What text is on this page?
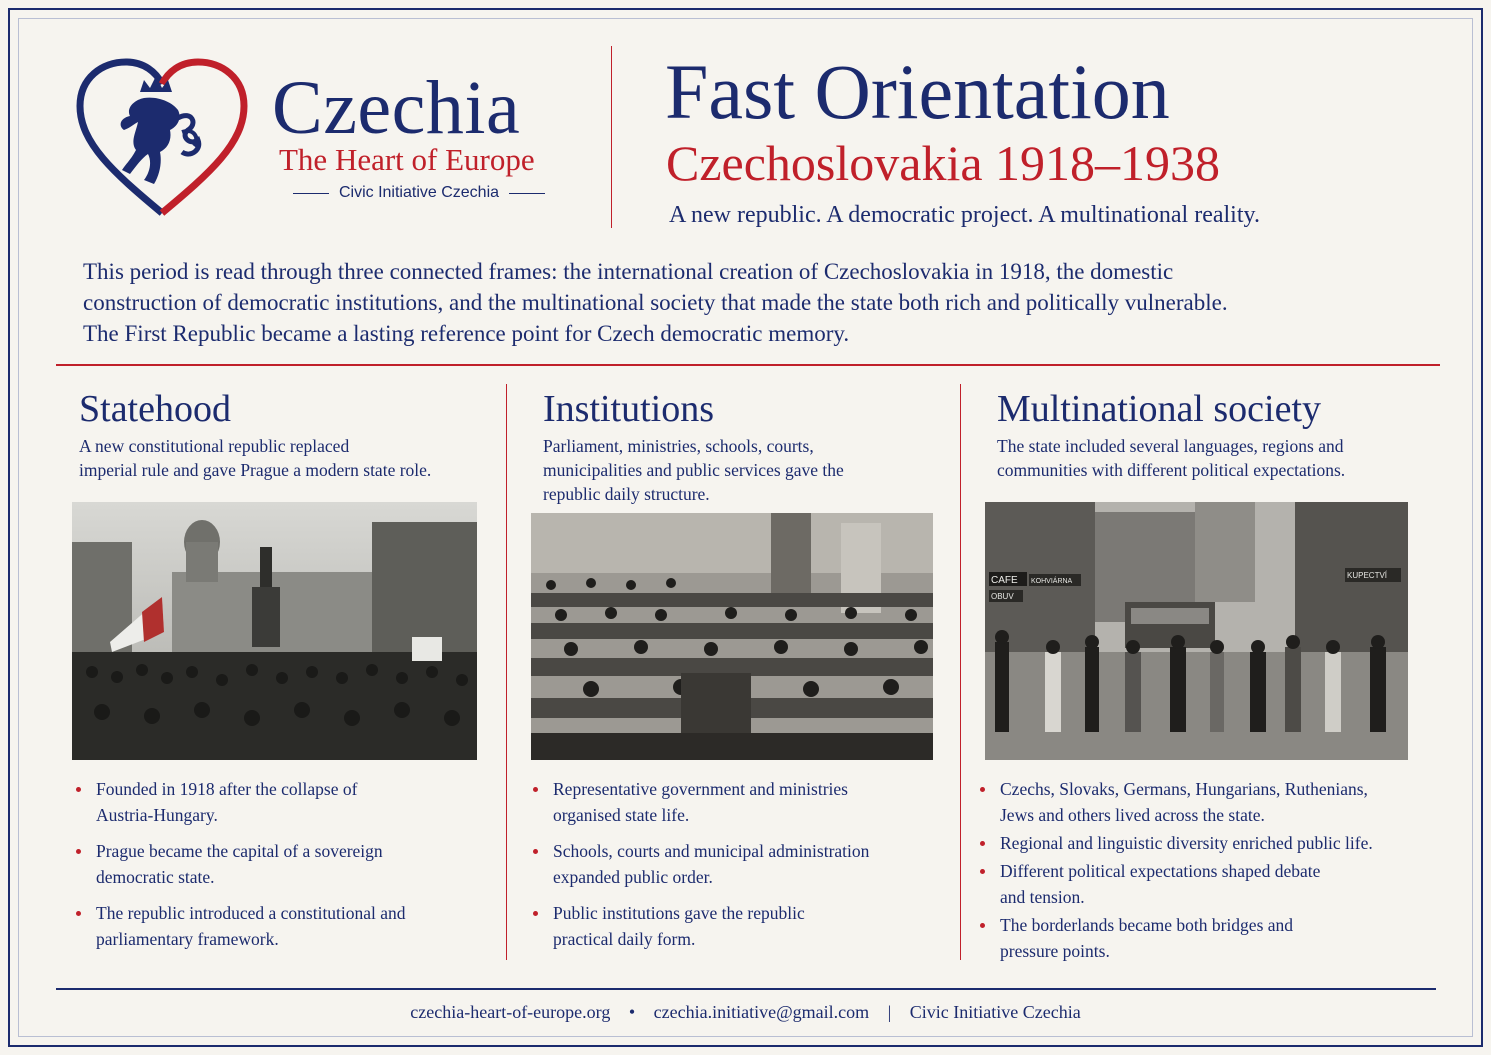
Czechia
The Heart of Europe
Civic Initiative Czechia
Fast Orientation
Czechoslovakia 1918–1938
A new republic. A democratic project. A multinational reality.
This period is read through three connected frames: the international creation of Czechoslovakia in 1918, the domestic
construction of democratic institutions, and the multinational society that made the state both rich and politically vulnerable.
The First Republic became a lasting reference point for Czech democratic memory.
Statehood
A new constitutional republic replaced
imperial rule and gave Prague a modern state role.
Founded in 1918 after the collapse of
Austria-Hungary.
Prague became the capital of a sovereign
democratic state.
The republic introduced a constitutional and
parliamentary framework.
Institutions
Parliament, ministries, schools, courts,
municipalities and public services gave the
republic daily structure.
Representative government and ministries
organised state life.
Schools, courts and municipal administration
expanded public order.
Public institutions gave the republic
practical daily form.
Multinational society
The state included several languages, regions and
communities with different political expectations.
CAFE KOHVIÁRNA
OBUV
KUPECTVÍ
Czechs, Slovaks, Germans, Hungarians, Ruthenians,
Jews and others lived across the state.
Regional and linguistic diversity enriched public life.
Different political expectations shaped debate
and tension.
The borderlands became both bridges and
pressure points.
czechia-heart-of-europe.org • czechia.initiative@gmail.com | Civic Initiative Czechia
